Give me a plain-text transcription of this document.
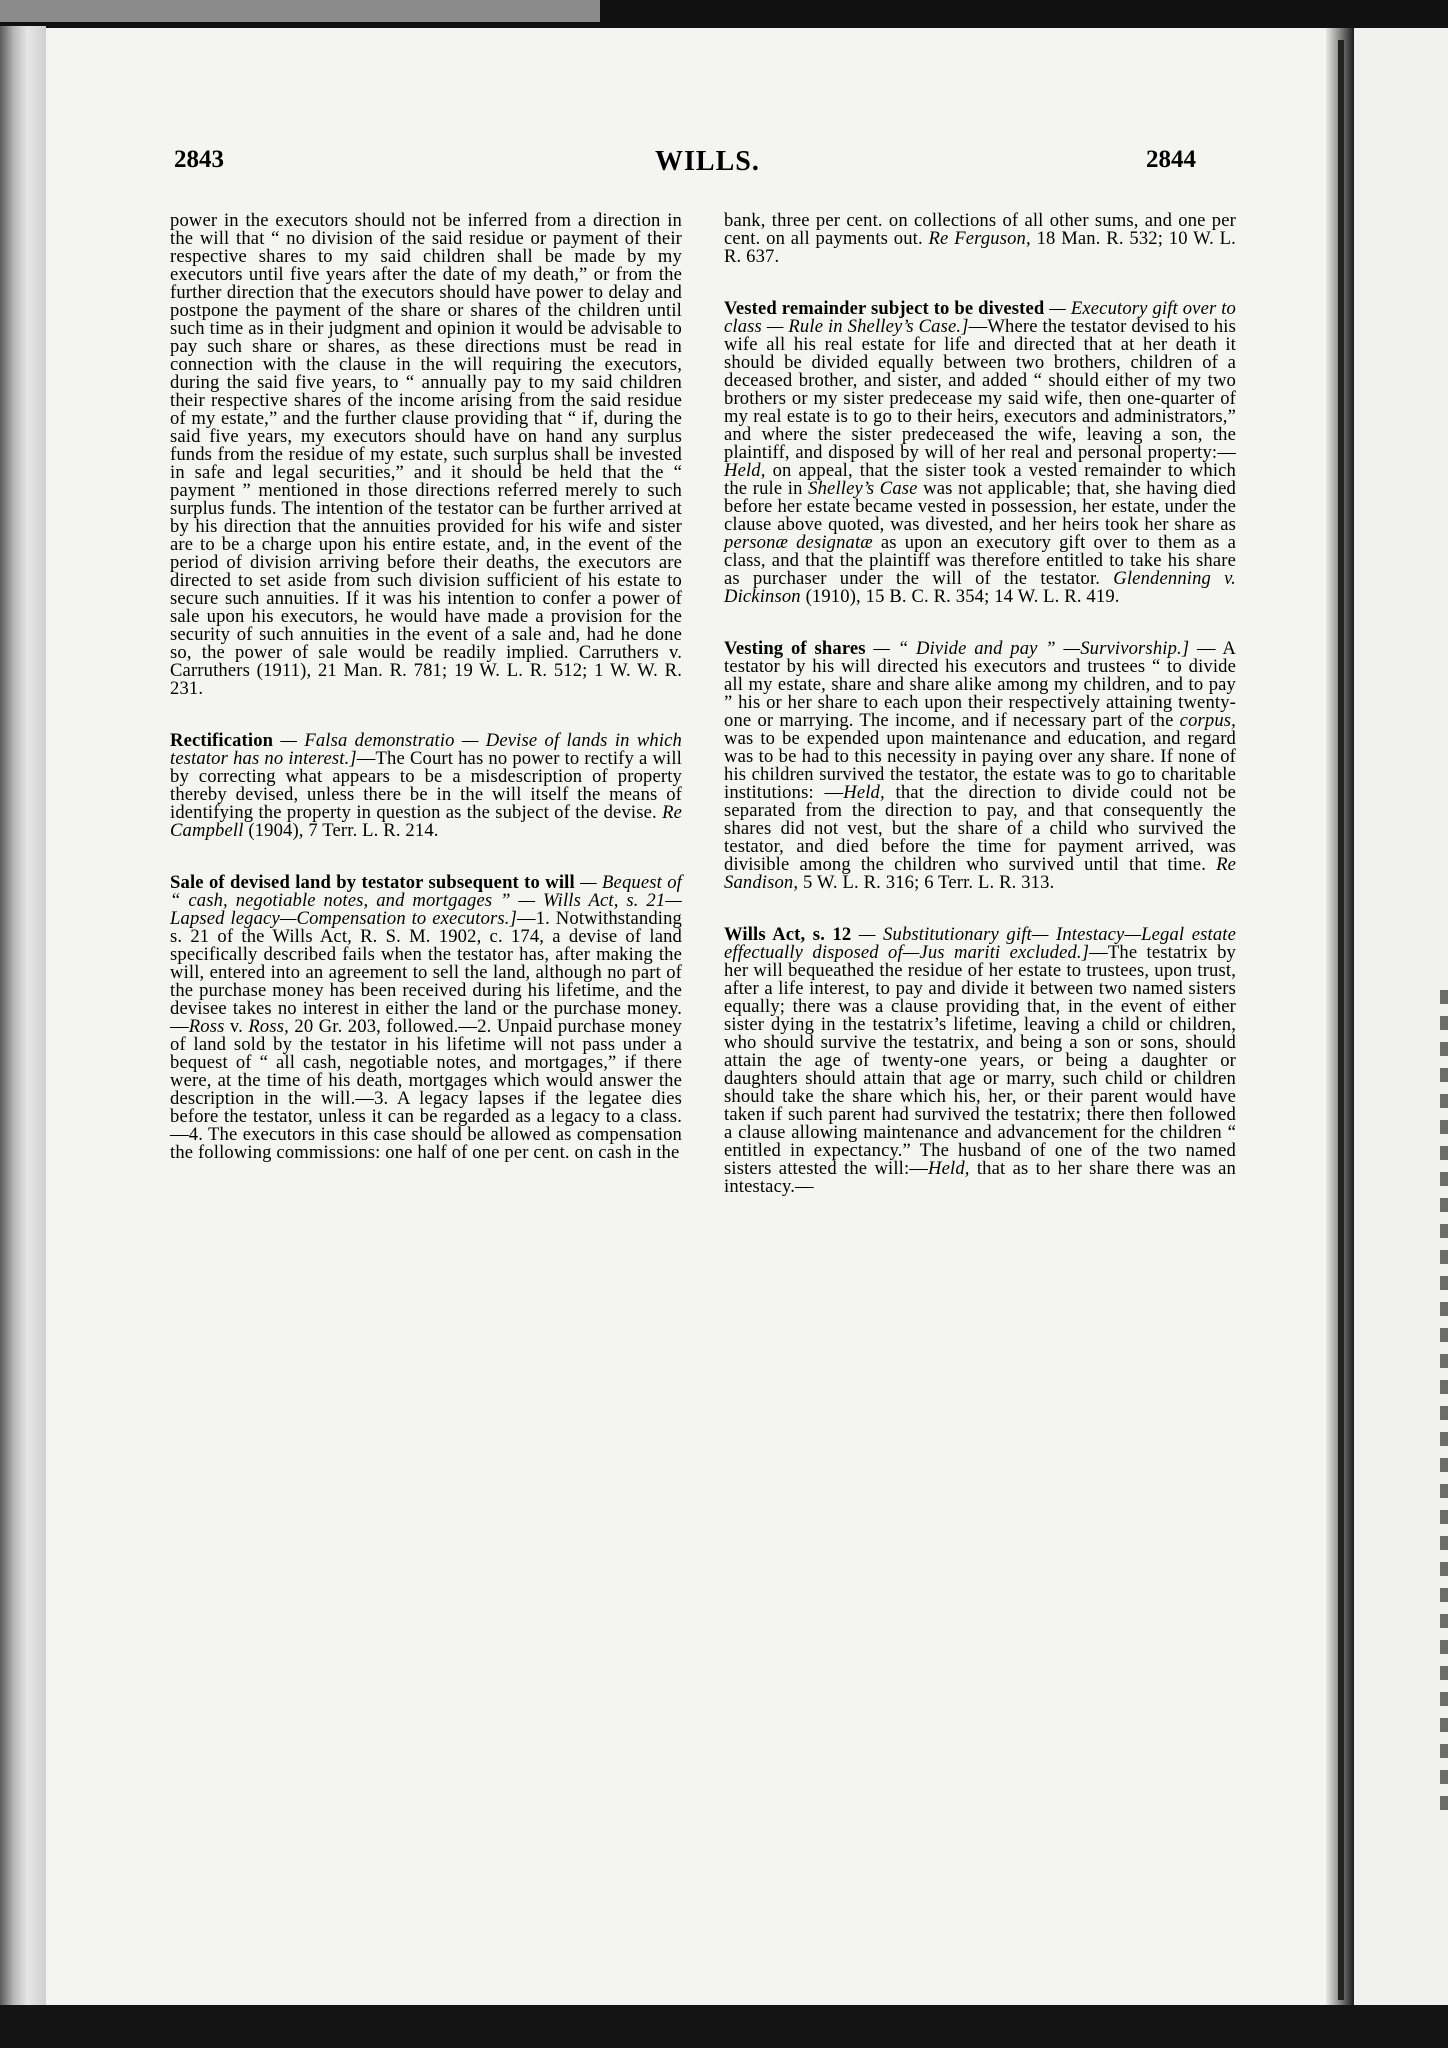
2843	WILLS.	2844

power in the executors should not be inferred from a direction in the will that “ no division of the said residue or payment of their respective shares to my said children shall be made by my executors until five years after the date of my death,” or from the further direction that the executors should have power to delay and postpone the payment of the share or shares of the children until such time as in their judgment and opinion it would be advisable to pay such share or shares, as these directions must be read in connection with the clause in the will requiring the executors, during the said five years, to “ annually pay to my said children their respective shares of the income arising from the said residue of my estate,” and the further clause providing that “ if, during the said five years, my executors should have on hand any surplus funds from the residue of my estate, such surplus shall be invested in safe and legal securities,” and it should be held that the “ payment ” mentioned in those directions referred merely to such surplus funds. The intention of the testator can be further arrived at by his direction that the annuities provided for his wife and sister are to be a charge upon his entire estate, and, in the event of the period of division arriving before their deaths, the executors are directed to set aside from such division sufficient of his estate to secure such annuities. If it was his intention to confer a power of sale upon his executors, he would have made a provision for the security of such annuities in the event of a sale and, had he done so, the power of sale would be readily implied. Carruthers v. Carruthers (1911), 21 Man. R. 781; 19 W. L. R. 512; 1 W. W. R. 231.

Rectification — Falsa demonstratio — Devise of lands in which testator has no interest.]—The Court has no power to rectify a will by correcting what appears to be a misdescription of property thereby devised, unless there be in the will itself the means of identifying the property in question as the subject of the devise. Re Campbell (1904), 7 Terr. L. R. 214.

Sale of devised land by testator subsequent to will — Bequest of “ cash, negotiable notes, and mortgages ” — Wills Act, s. 21—Lapsed legacy—Compensation to executors.]—1. Notwithstanding s. 21 of the Wills Act, R. S. M. 1902, c. 174, a devise of land specifically described fails when the testator has, after making the will, entered into an agreement to sell the land, although no part of the purchase money has been received during his lifetime, and the devisee takes no interest in either the land or the purchase money.—Ross v. Ross, 20 Gr. 203, followed.—2. Unpaid purchase money of land sold by the testator in his lifetime will not pass under a bequest of “ all cash, negotiable notes, and mortgages,” if there were, at the time of his death, mortgages which would answer the description in the will.—3. A legacy lapses if the legatee dies before the testator, unless it can be regarded as a legacy to a class.—4. The executors in this case should be allowed as compensation the following commissions: one half of one per cent. on cash in the

bank, three per cent. on collections of all other sums, and one per cent. on all payments out. Re Ferguson, 18 Man. R. 532; 10 W. L. R. 637.

Vested remainder subject to be divested — Executory gift over to class — Rule in Shelley’s Case.]—Where the testator devised to his wife all his real estate for life and directed that at her death it should be divided equally between two brothers, children of a deceased brother, and sister, and added “ should either of my two brothers or my sister predecease my said wife, then one-quarter of my real estate is to go to their heirs, executors and administrators,” and where the sister predeceased the wife, leaving a son, the plaintiff, and disposed by will of her real and personal property:—Held, on appeal, that the sister took a vested remainder to which the rule in Shelley’s Case was not applicable; that, she having died before her estate became vested in possession, her estate, under the clause above quoted, was divested, and her heirs took her share as personæ designatæ as upon an executory gift over to them as a class, and that the plaintiff was therefore entitled to take his share as purchaser under the will of the testator. Glendenning v. Dickinson (1910), 15 B. C. R. 354; 14 W. L. R. 419.

Vesting of shares — “ Divide and pay ” —Survivorship.] — A testator by his will directed his executors and trustees “ to divide all my estate, share and share alike among my children, and to pay ” his or her share to each upon their respectively attaining twenty-one or marrying. The income, and if necessary part of the corpus, was to be expended upon maintenance and education, and regard was to be had to this necessity in paying over any share. If none of his children survived the testator, the estate was to go to charitable institutions: —Held, that the direction to divide could not be separated from the direction to pay, and that consequently the shares did not vest, but the share of a child who survived the testator, and died before the time for payment arrived, was divisible among the children who survived until that time. Re Sandison, 5 W. L. R. 316; 6 Terr. L. R. 313.

Wills Act, s. 12 — Substitutionary gift— Intestacy—Legal estate effectually disposed of—Jus mariti excluded.]—The testatrix by her will bequeathed the residue of her estate to trustees, upon trust, after a life interest, to pay and divide it between two named sisters equally; there was a clause providing that, in the event of either sister dying in the testatrix’s lifetime, leaving a child or children, who should survive the testatrix, and being a son or sons, should attain the age of twenty-one years, or being a daughter or daughters should attain that age or marry, such child or children should take the share which his, her, or their parent would have taken if such parent had survived the testatrix; there then followed a clause allowing maintenance and advancement for the children “ entitled in expectancy.” The husband of one of the two named sisters attested the will:—Held, that as to her share there was an intestacy.—
